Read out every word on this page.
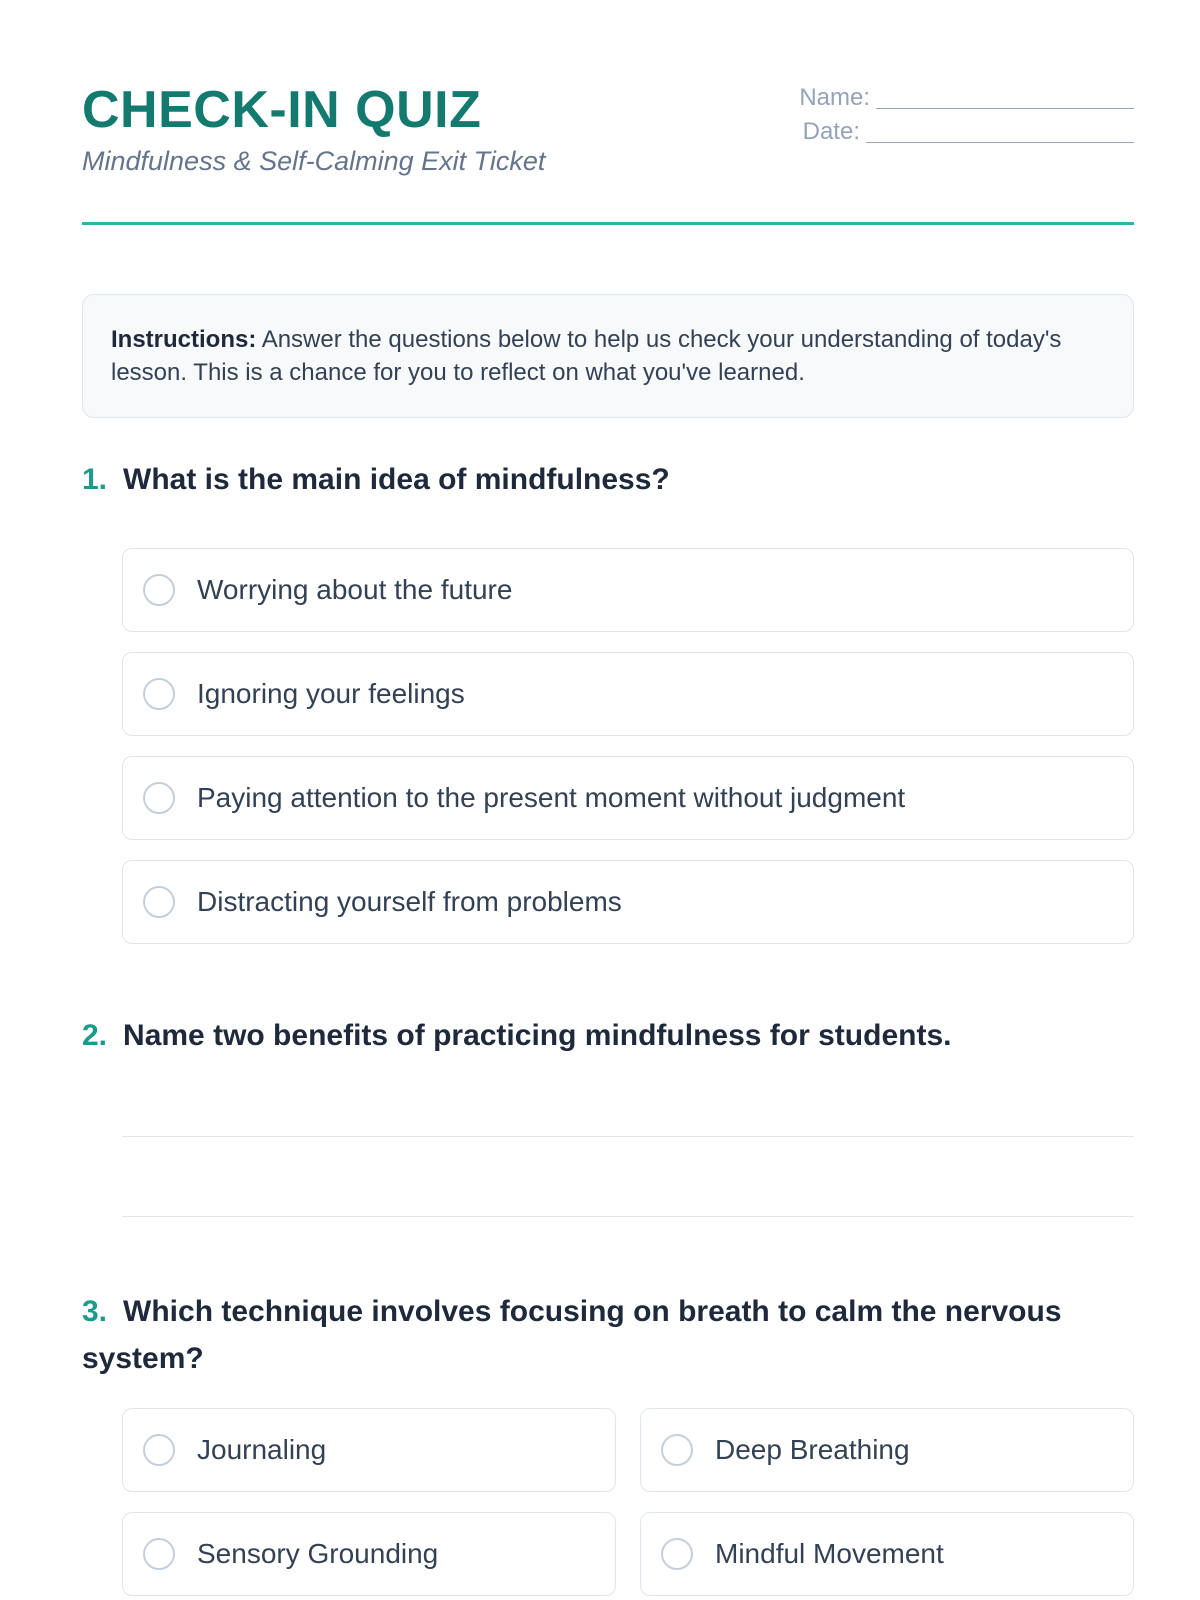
CHECK-IN QUIZ
Mindfulness & Self-Calming Exit Ticket
Name:
Date:
Instructions: Answer the questions below to help us check your understanding of today's lesson. This is a chance for you to reflect on what you've learned.
1. What is the main idea of mindfulness?
Worrying about the future
Ignoring your feelings
Paying attention to the present moment without judgment
Distracting yourself from problems
2. Name two benefits of practicing mindfulness for students.
3. Which technique involves focusing on breath to calm the nervous system?
Journaling	Deep Breathing
Sensory Grounding	Mindful Movement
